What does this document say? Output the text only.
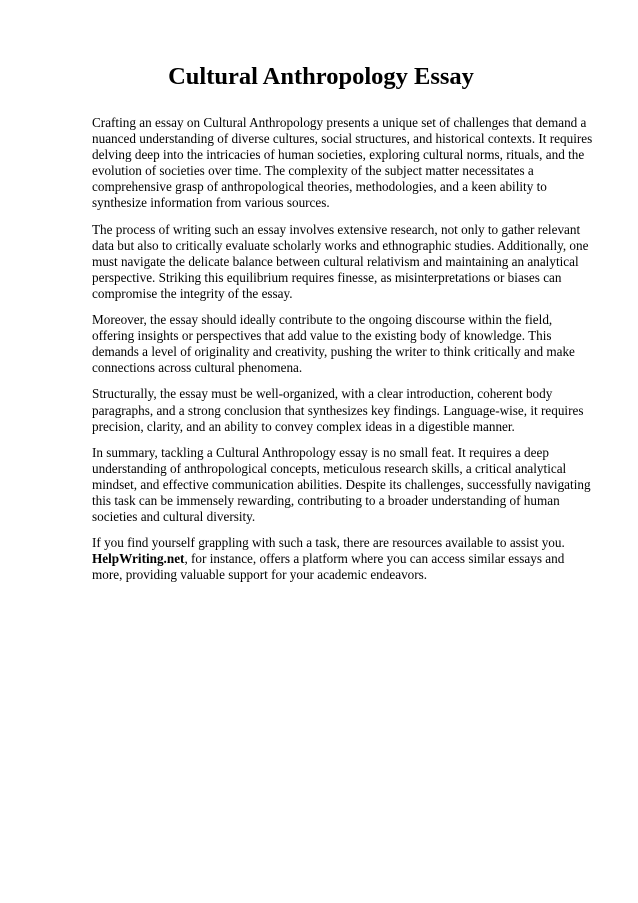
Cultural Anthropology Essay

Crafting an essay on Cultural Anthropology presents a unique set of challenges that demand a nuanced understanding of diverse cultures, social structures, and historical contexts. It requires delving deep into the intricacies of human societies, exploring cultural norms, rituals, and the evolution of societies over time. The complexity of the subject matter necessitates a comprehensive grasp of anthropological theories, methodologies, and a keen ability to synthesize information from various sources.

The process of writing such an essay involves extensive research, not only to gather relevant data but also to critically evaluate scholarly works and ethnographic studies. Additionally, one must navigate the delicate balance between cultural relativism and maintaining an analytical perspective. Striking this equilibrium requires finesse, as misinterpretations or biases can compromise the integrity of the essay.

Moreover, the essay should ideally contribute to the ongoing discourse within the field, offering insights or perspectives that add value to the existing body of knowledge. This demands a level of originality and creativity, pushing the writer to think critically and make connections across cultural phenomena.

Structurally, the essay must be well-organized, with a clear introduction, coherent body paragraphs, and a strong conclusion that synthesizes key findings. Language-wise, it requires precision, clarity, and an ability to convey complex ideas in a digestible manner.

In summary, tackling a Cultural Anthropology essay is no small feat. It requires a deep understanding of anthropological concepts, meticulous research skills, a critical analytical mindset, and effective communication abilities. Despite its challenges, successfully navigating this task can be immensely rewarding, contributing to a broader understanding of human societies and cultural diversity.

If you find yourself grappling with such a task, there are resources available to assist you. HelpWriting.net, for instance, offers a platform where you can access similar essays and more, providing valuable support for your academic endeavors.
